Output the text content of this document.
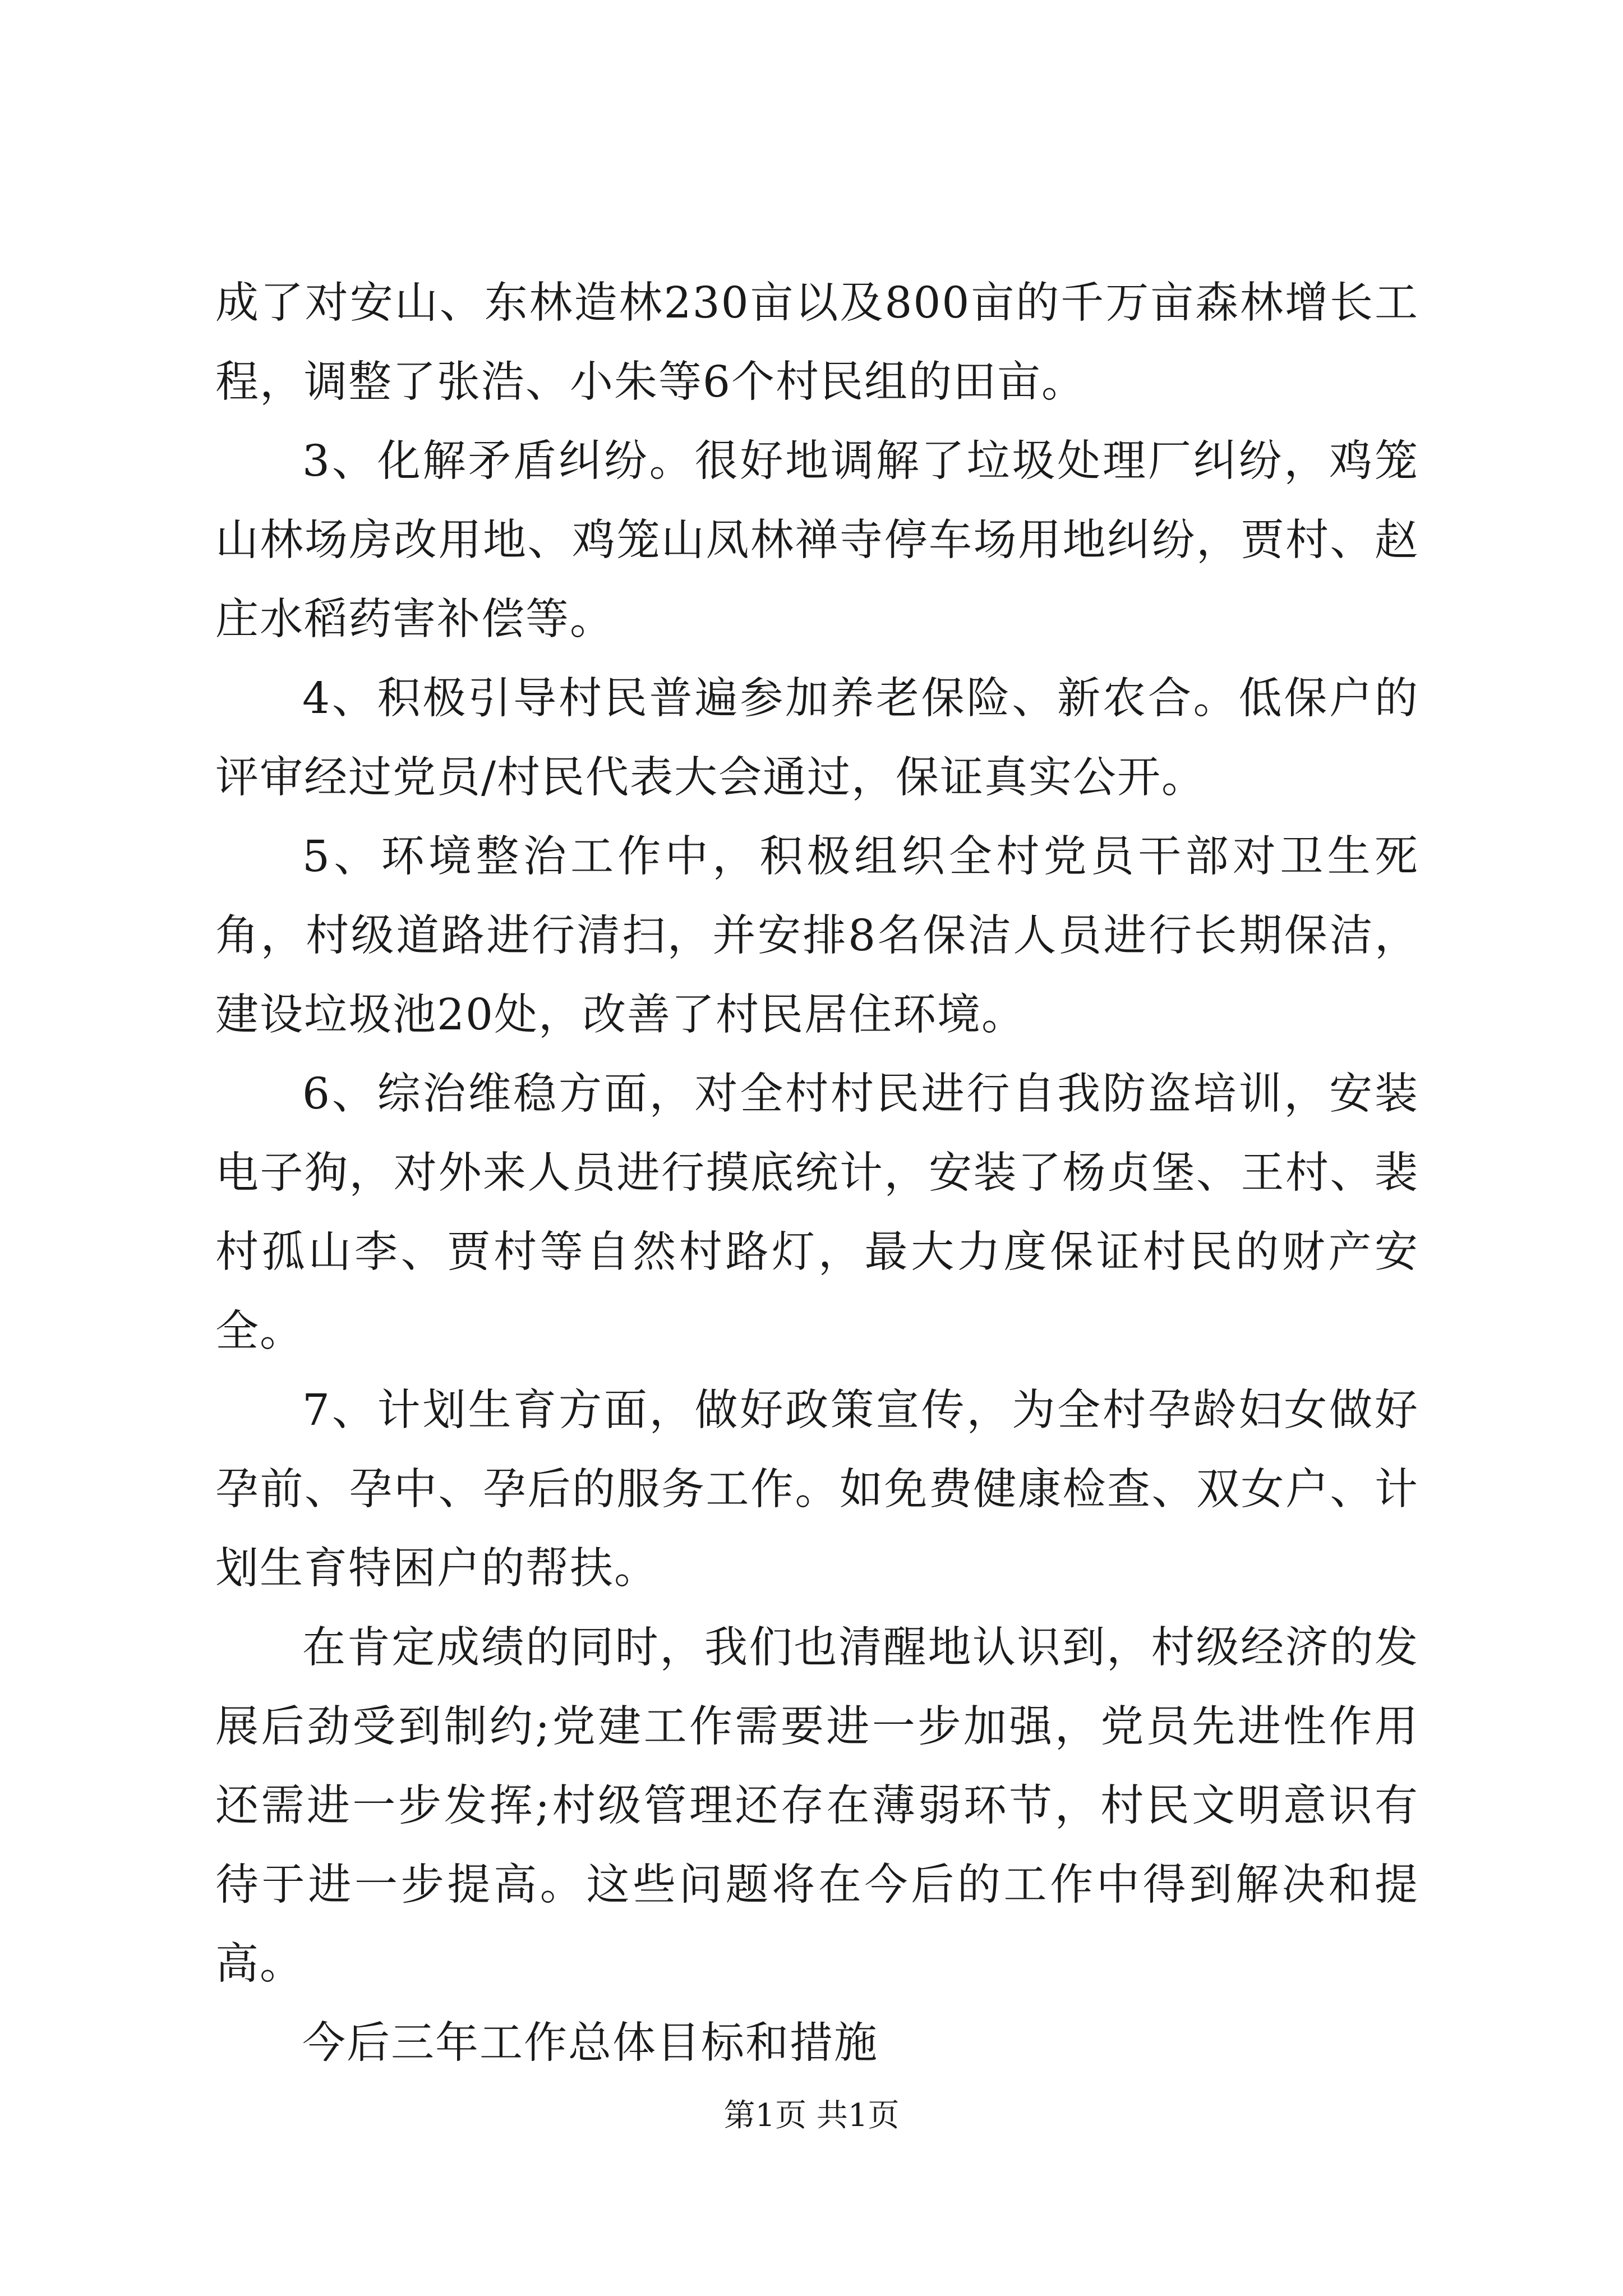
成了对安山、东林造林230亩以及800亩的千万亩森林增长工程，调整了张浩、小朱等6个村民组的田亩。

3、化解矛盾纠纷。很好地调解了垃圾处理厂纠纷，鸡笼山林场房改用地、鸡笼山凤林禅寺停车场用地纠纷，贾村、赵庄水稻药害补偿等。

4、积极引导村民普遍参加养老保险、新农合。低保户的评审经过党员/村民代表大会通过，保证真实公开。

5、环境整治工作中，积极组织全村党员干部对卫生死角，村级道路进行清扫，并安排8名保洁人员进行长期保洁，建设垃圾池20处，改善了村民居住环境。

6、综治维稳方面，对全村村民进行自我防盗培训，安装电子狗，对外来人员进行摸底统计，安装了杨贞堡、王村、裴村孤山李、贾村等自然村路灯，最大力度保证村民的财产安全。

7、计划生育方面，做好政策宣传，为全村孕龄妇女做好孕前、孕中、孕后的服务工作。如免费健康检查、双女户、计划生育特困户的帮扶。

在肯定成绩的同时，我们也清醒地认识到，村级经济的发展后劲受到制约;党建工作需要进一步加强，党员先进性作用还需进一步发挥;村级管理还存在薄弱环节，村民文明意识有待于进一步提高。这些问题将在今后的工作中得到解决和提高。

今后三年工作总体目标和措施

第1页 共1页
